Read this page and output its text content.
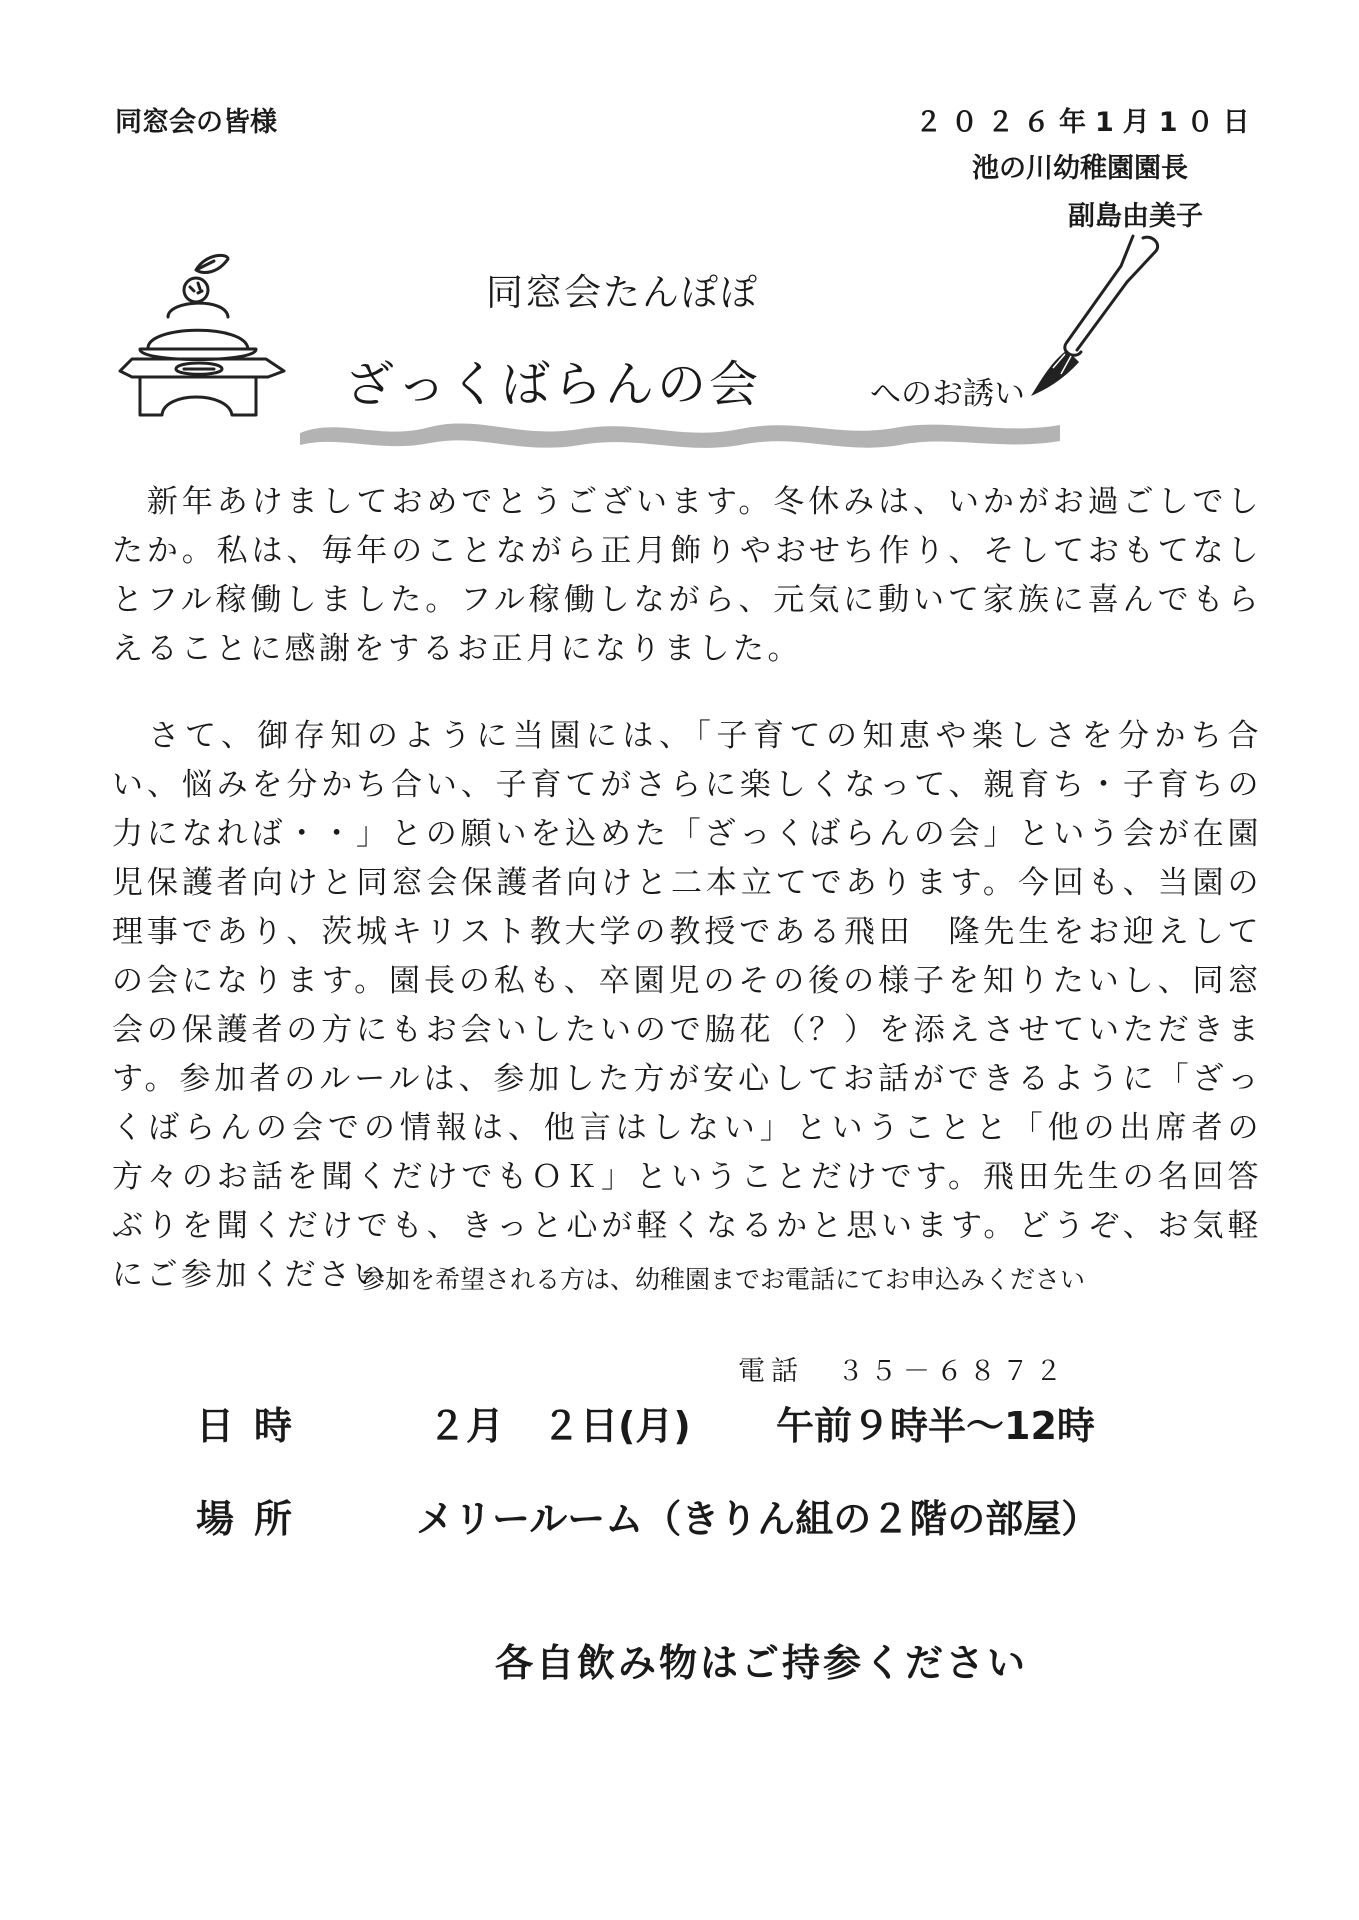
同窓会の皆様	２０２６年1月1０日
池の川幼稚園園長
副島由美子
同窓会たんぽぽ
ざっくばらんの会	へのお誘い
　新年あけましておめでとうございます。冬休みは、いかがお過ごしでしたか。私は、毎年のことながら正月飾りやおせち作り、そしておもてなしとフル稼働しました。フル稼働しながら、元気に動いて家族に喜んでもらえることに感謝をするお正月になりました。
　さて、御存知のように当園には、「子育ての知恵や楽しさを分かち合い、悩みを分かち合い、子育てがさらに楽しくなって、親育ち・子育ちの力になれば・・」との願いを込めた「ざっくばらんの会」という会が在園児保護者向けと同窓会保護者向けと二本立てであります。今回も、当園の理事であり、茨城キリスト教大学の教授である飛田　隆先生をお迎えしての会になります。園長の私も、卒園児のその後の様子を知りたいし、同窓会の保護者の方にもお会いしたいので脇花（？）を添えさせていただきます。参加者のルールは、参加した方が安心してお話ができるように「ざっくばらんの会での情報は、他言はしない」ということと「他の出席者の方々のお話を聞くだけでもＯＫ」ということだけです。飛田先生の名回答ぶりを聞くだけでも、きっと心が軽くなるかと思います。どうぞ、お気軽にご参加ください。
参加を希望される方は、幼稚園までお電話にてお申込みください
電話　３５－６８７２
日時	２月　２日(月) 午前９時半～12時
場所	メリールーム（きりん組の２階の部屋）
各自飲み物はご持参ください
